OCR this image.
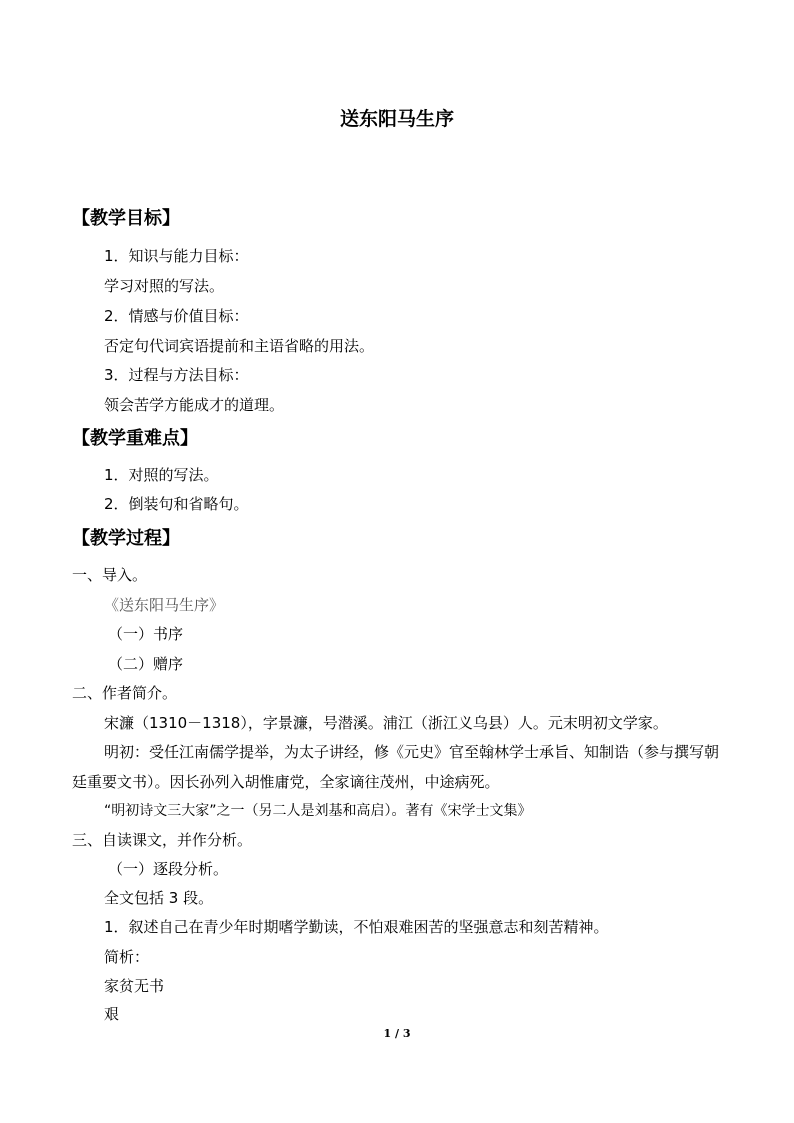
送东阳马生序
【教学目标】
1．知识与能力目标：
学习对照的写法。
2．情感与价值目标：
否定句代词宾语提前和主语省略的用法。
3．过程与方法目标：
领会苦学方能成才的道理。
【教学重难点】
1．对照的写法。
2．倒装句和省略句。
【教学过程】
一、导入。
《送东阳马生序》
（一）书序
（二）赠序
二、作者简介。
宋濂（1310－1318），字景濂，号潜溪。浦江（浙江义乌县）人。元末明初文学家。
明初：受任江南儒学提举，为太子讲经，修《元史》官至翰林学士承旨、知制诰（参与撰写朝廷重要文书）。因长孙列入胡惟庸党，全家谪往茂州，中途病死。
“明初诗文三大家”之一（另二人是刘基和高启）。著有《宋学士文集》
三、自读课文，并作分析。
（一）逐段分析。
全文包括 3 段。
1．叙述自己在青少年时期嗜学勤读，不怕艰难困苦的坚强意志和刻苦精神。
简析：
家贫无书
艰
1 / 3
